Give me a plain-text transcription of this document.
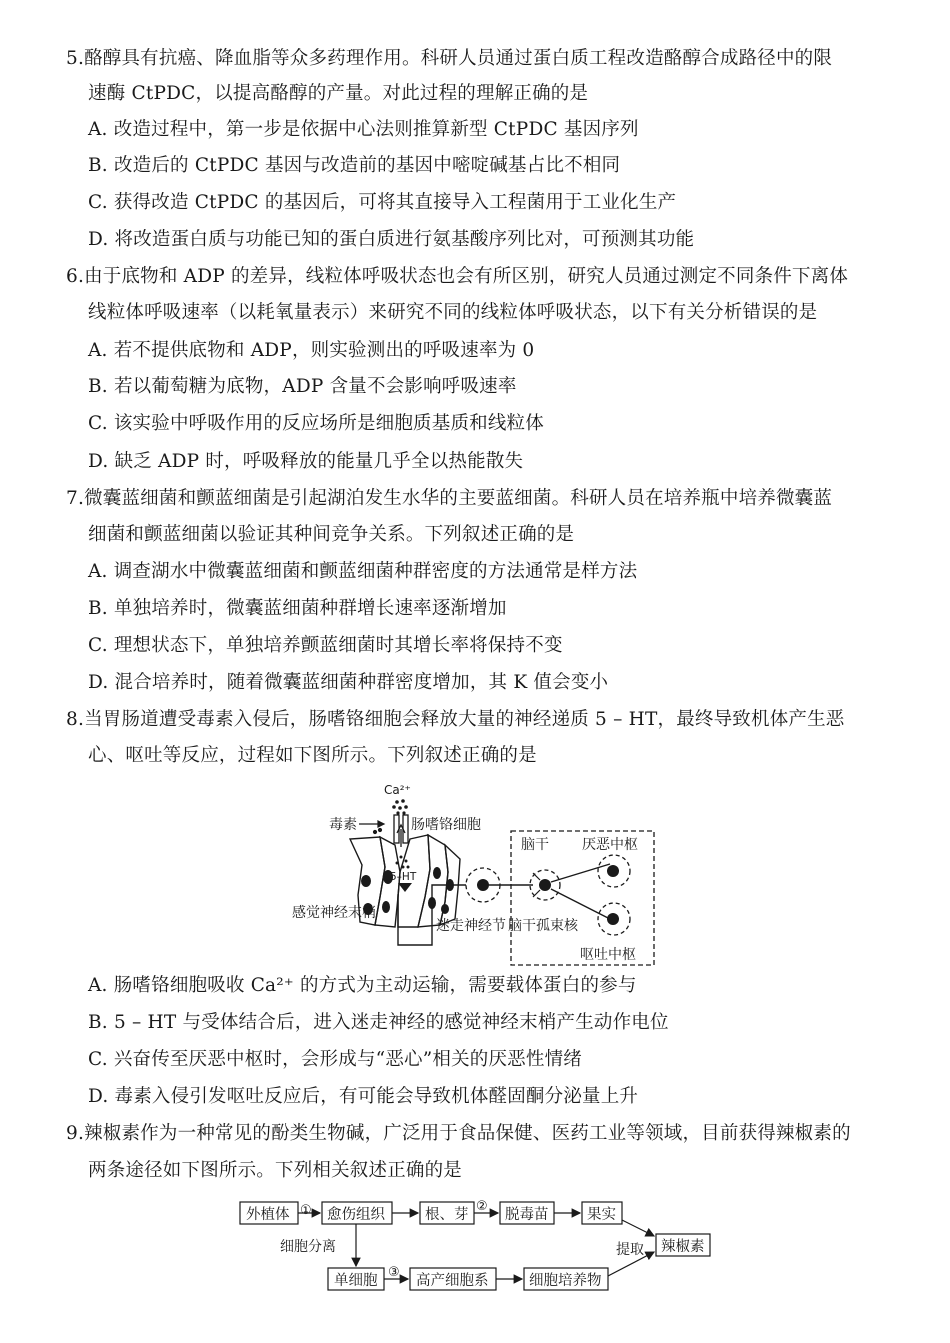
5.酪醇具有抗癌、降血脂等众多药理作用。科研人员通过蛋白质工程改造酪醇合成路径中的限
速酶 CtPDC，以提高酪醇的产量。对此过程的理解正确的是
A. 改造过程中，第一步是依据中心法则推算新型 CtPDC 基因序列
B. 改造后的 CtPDC 基因与改造前的基因中嘧啶碱基占比不相同
C. 获得改造 CtPDC 的基因后，可将其直接导入工程菌用于工业化生产
D. 将改造蛋白质与功能已知的蛋白质进行氨基酸序列比对，可预测其功能
6.由于底物和 ADP 的差异，线粒体呼吸状态也会有所区别，研究人员通过测定不同条件下离体
线粒体呼吸速率（以耗氧量表示）来研究不同的线粒体呼吸状态，以下有关分析错误的是
A. 若不提供底物和 ADP，则实验测出的呼吸速率为 0
B. 若以葡萄糖为底物，ADP 含量不会影响呼吸速率
C. 该实验中呼吸作用的反应场所是细胞质基质和线粒体
D. 缺乏 ADP 时，呼吸释放的能量几乎全以热能散失
7.微囊蓝细菌和颤蓝细菌是引起湖泊发生水华的主要蓝细菌。科研人员在培养瓶中培养微囊蓝
细菌和颤蓝细菌以验证其种间竞争关系。下列叙述正确的是
A. 调查湖水中微囊蓝细菌和颤蓝细菌种群密度的方法通常是样方法
B. 单独培养时，微囊蓝细菌种群增长速率逐渐增加
C. 理想状态下，单独培养颤蓝细菌时其增长率将保持不变
D. 混合培养时，随着微囊蓝细菌种群密度增加，其 K 值会变小
8.当胃肠道遭受毒素入侵后，肠嗜铬细胞会释放大量的神经递质 5 – HT，最终导致机体产生恶
心、呕吐等反应，过程如下图所示。下列叙述正确的是
Ca²⁺
毒素	肠嗜铬细胞
5–HT
感觉神经末梢
迷走神经节
脑干
脑干孤束核
厌恶中枢
呕吐中枢
A. 肠嗜铬细胞吸收 Ca²⁺ 的方式为主动运输，需要载体蛋白的参与
B. 5 – HT 与受体结合后，进入迷走神经的感觉神经末梢产生动作电位
C. 兴奋传至厌恶中枢时，会形成与“恶心”相关的厌恶性情绪
D. 毒素入侵引发呕吐反应后，有可能会导致机体醛固酮分泌量上升
9.辣椒素作为一种常见的酚类生物碱，广泛用于食品保健、医药工业等领域，目前获得辣椒素的
两条途径如下图所示。下列相关叙述正确的是
外植体 ① 愈伤组织	根、芽
②
脱毒苗	果实
提取 辣椒素
细胞分离
单细胞
③
高产细胞系	细胞培养物
